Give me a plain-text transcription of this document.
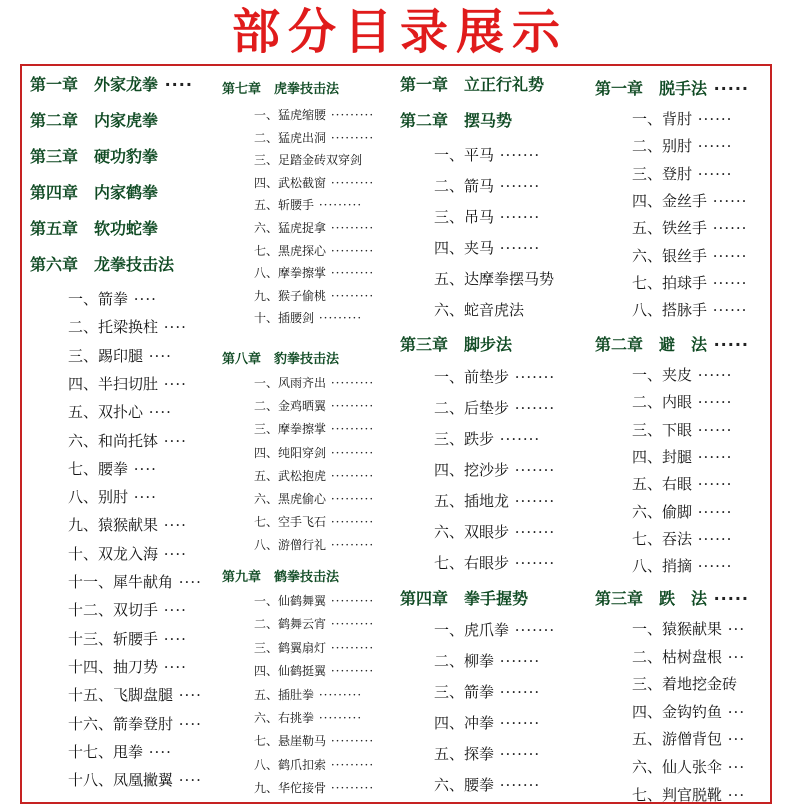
部分目录展示
第一章　外家龙拳 ····
第二章　内家虎拳
第三章　硬功豹拳
第四章　内家鹤拳
第五章　软功蛇拳
第六章　龙拳技击法
一、箭拳 ····
二、托梁换柱 ····
三、踢印腿 ····
四、半扫切肚 ····
五、双扑心 ····
六、和尚托钵 ····
七、腰拳 ····
八、别肘 ····
九、猿猴献果 ····
十、双龙入海 ····
十一、犀牛献角 ····
十二、双切手 ····
十三、斩腰手 ····
十四、抽刀势 ····
十五、飞脚盘腿 ····
十六、箭拳登肘 ····
十七、甩拳 ····
十八、凤凰撇翼 ····
第七章　虎拳技击法
一、猛虎缩腰 ·········
二、猛虎出洞 ·········
三、足踏金砖双穿剑
四、武松截窗 ·········
五、斩腰手 ·········
六、猛虎捉拿 ·········
七、黑虎探心 ·········
八、摩拳擦掌 ·········
九、猴子偷桃 ·········
十、插腰剑 ·········
第八章　豹拳技击法
一、风雨齐出 ·········
二、金鸡晒翼 ·········
三、摩拳擦掌 ·········
四、纯阳穿剑 ·········
五、武松抱虎 ·········
六、黑虎偷心 ·········
七、空手飞石 ·········
八、游僧行礼 ·········
第九章　鹤拳技击法
一、仙鹤舞翼 ·········
二、鹤舞云宵 ·········
三、鹤翼扇灯 ·········
四、仙鹤挺翼 ·········
五、插肚拳 ·········
六、右挑拳 ·········
七、悬崖勒马 ·········
八、鹤爪扣索 ·········
九、华佗接骨 ·········
第一章　立正行礼势
第二章　摆马势
一、平马 ·······
二、箭马 ·······
三、吊马 ·······
四、夹马 ·······
五、达摩拳摆马势
六、蛇音虎法
第三章　脚步法
一、前垫步 ·······
二、后垫步 ·······
三、跌步 ·······
四、挖沙步 ·······
五、插地龙 ·······
六、双眼步 ·······
七、右眼步 ·······
第四章　拳手握势
一、虎爪拳 ·······
二、柳拳 ·······
三、箭拳 ·······
四、冲拳 ·······
五、探拳 ·······
六、腰拳 ·······
第一章　脱手法 ·····
一、背肘 ······
二、别肘 ······
三、登肘 ······
四、金丝手 ······
五、铁丝手 ······
六、银丝手 ······
七、拍球手 ······
八、搭脉手 ······
第二章　避　法 ·····
一、夹皮 ······
二、内眼 ······
三、下眼 ······
四、封腿 ······
五、右眼 ······
六、偷脚 ······
七、吞法 ······
八、捎摘 ······
第三章　跌　法 ·····
一、猿猴献果 ···
二、枯树盘根 ···
三、着地挖金砖
四、金钩钓鱼 ···
五、游僧背包 ···
六、仙人张伞 ···
七、判官脱靴 ···
